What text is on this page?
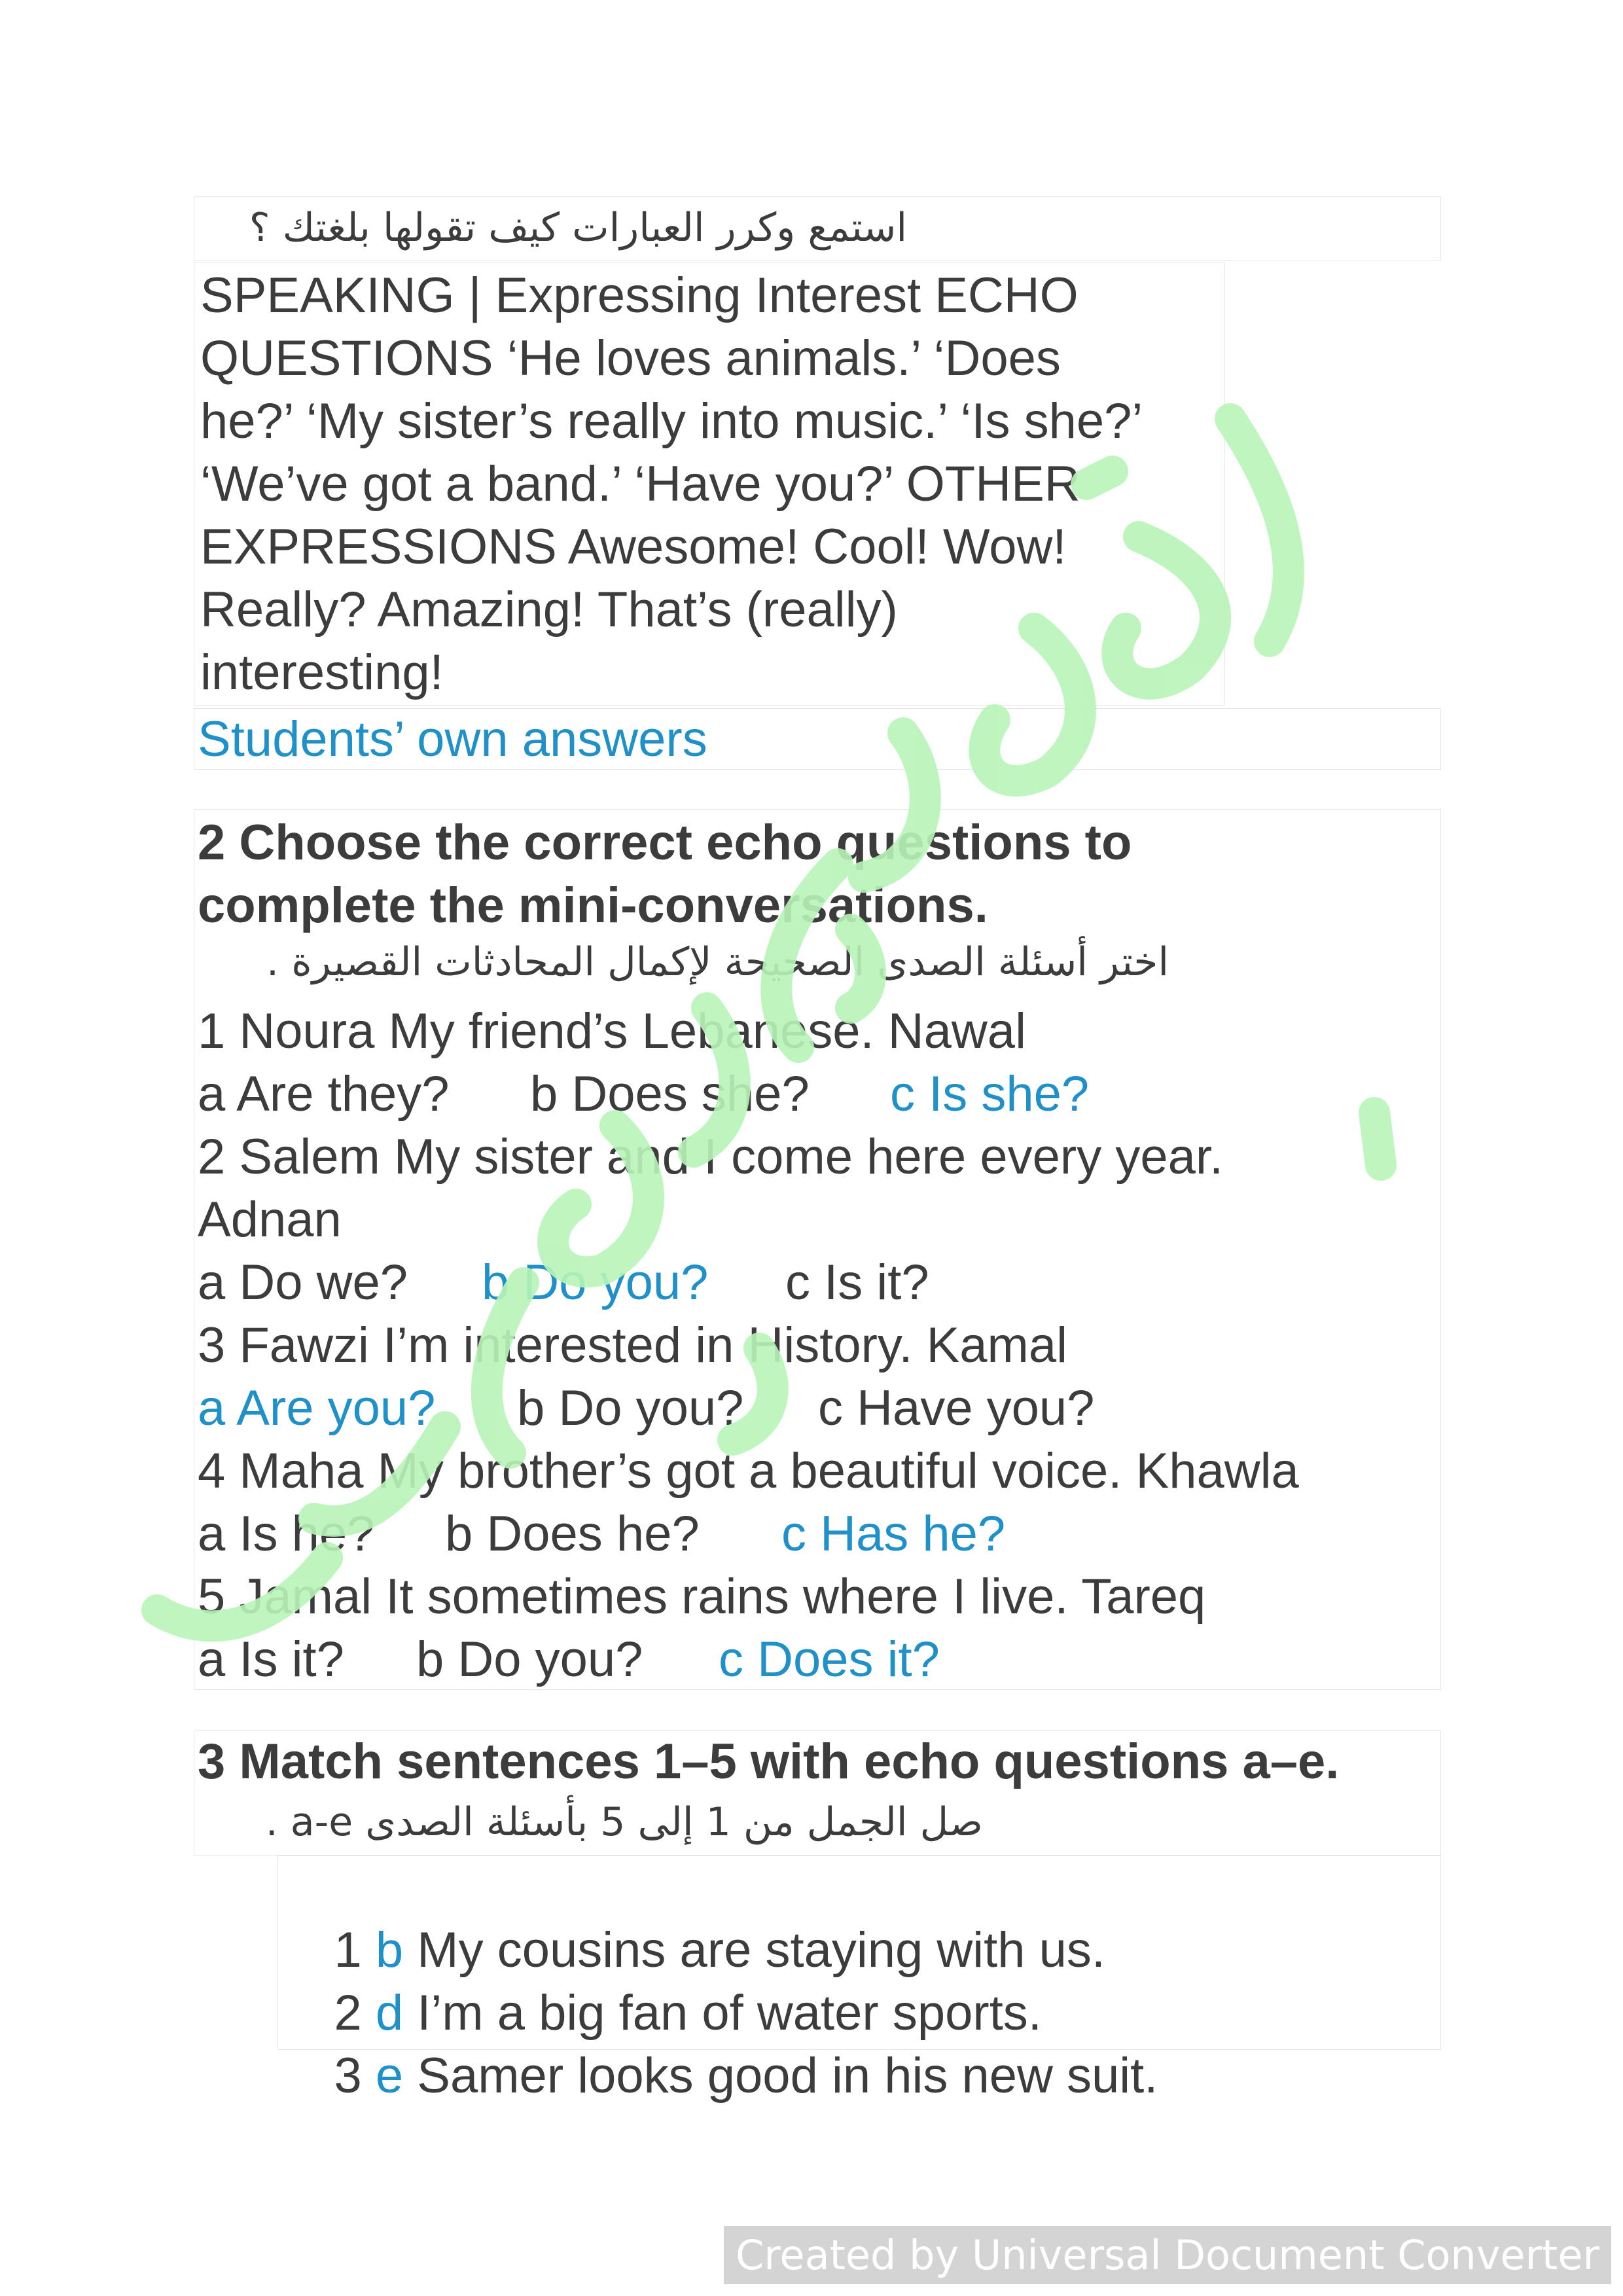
استمع وكرر العبارات كيف تقولها بلغتك ؟
SPEAKING | Expressing Interest ECHO
QUESTIONS ‘He loves animals.’ ‘Does
he?’ ‘My sister’s really into music.’ ‘Is she?’
‘We’ve got a band.’ ‘Have you?’ OTHER
EXPRESSIONS Awesome! Cool! Wow!
Really? Amazing! That’s (really)
interesting!
Students’ own answers
2 Choose the correct echo questions to
complete the mini-conversations.
اختر أسئلة الصدى الصحيحة لإكمال المحادثات القصيرة .
1 Noura My friend’s Lebanese. Nawal
a Are they? b Does she? c Is she?
2 Salem My sister and I come here every year.
Adnan
a Do we? b Do you? c Is it?
3 Fawzi I’m interested in History. Kamal
a Are you? b Do you? c Have you?
4 Maha My brother’s got a beautiful voice. Khawla
a Is he? b Does he? c Has he?
5 Jamal It sometimes rains where I live. Tareq
a Is it? b Do you? c Does it?
3 Match sentences 1–5 with echo questions a–e.
صل الجمل من 1 إلى 5 بأسئلة الصدى a-e .

1 b My cousins are staying with us.

2 d I’m a big fan of water sports.

3 e Samer looks good in his new suit.

Created by Universal Document Converter
